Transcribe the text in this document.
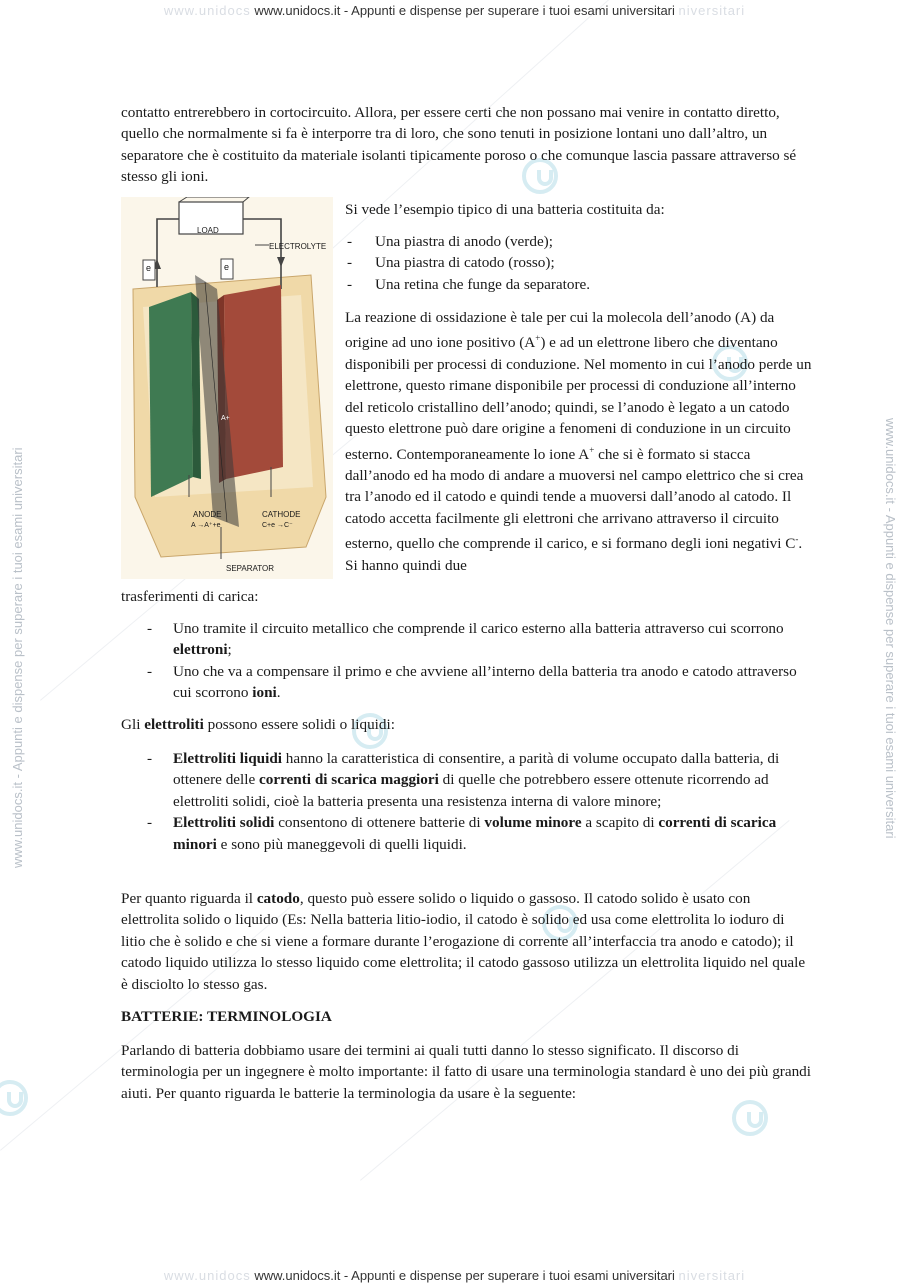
www.unidocs www.unidocs.it - Appunti e dispense per superare i tuoi esami universitari niversitari
www.unidocs.it - Appunti e dispense per superare i tuoi esami universitari	www.unidocs.it - Appunti e dispense per superare i tuoi esami universitari
contatto entrerebbero in cortocircuito. Allora, per essere certi che non possano mai venire in contatto diretto, quello che normalmente si fa è interporre tra di loro, che sono tenuti in posizione lontani uno dall’altro, un separatore che è costituito da materiale isolanti tipicamente poroso o che comunque lascia passare attraverso sé stesso gli ioni.
LOAD
ELECTROLYTE
e	e
A+
ANODE
A →A⁺+e
CATHODE
C+e →C⁻
SEPARATOR
Si vede l’esempio tipico di una batteria costituita da:
- Una piastra di anodo (verde);
- Una piastra di catodo (rosso);
- Una retina che funge da separatore.

La reazione di ossidazione è tale per cui la molecola dell’anodo (A) da origine ad uno ione positivo (A+) e ad un elettrone libero che diventano disponibili per processi di conduzione. Nel momento in cui l’anodo perde un elettrone, questo rimane disponibile per processi di conduzione all’interno del reticolo cristallino dell’anodo; quindi, se l’anodo è legato a un catodo questo elettrone può dare origine a fenomeni di conduzione in un circuito esterno. Contemporaneamente lo ione A+ che si è formato si stacca dall’anodo ed ha modo di andare a muoversi nel campo elettrico che si crea tra l’anodo ed il catodo e quindi tende a muoversi dall’anodo al catodo. Il catodo accetta facilmente gli elettroni che arrivano attraverso il circuito esterno, quello che comprende il carico, e si formano degli ioni negativi C-. Si hanno quindi due

trasferimenti di carica:
- Uno tramite il circuito metallico che comprende il carico esterno alla batteria attraverso cui scorrono elettroni;
- Uno che va a compensare il primo e che avviene all’interno della batteria tra anodo e catodo attraverso cui scorrono ioni.

Gli elettroliti possono essere solidi o liquidi:

- Elettroliti liquidi hanno la caratteristica di consentire, a parità di volume occupato dalla batteria, di ottenere delle correnti di scarica maggiori di quelle che potrebbero essere ottenute ricorrendo ad elettroliti solidi, cioè la batteria presenta una resistenza interna di valore minore;
- Elettroliti solidi consentono di ottenere batterie di volume minore a scapito di correnti di scarica minori e sono più maneggevoli di quelli liquidi.

Per quanto riguarda il catodo, questo può essere solido o liquido o gassoso. Il catodo solido è usato con elettrolita solido o liquido (Es: Nella batteria litio-iodio, il catodo è solido ed usa come elettrolita lo ioduro di litio che è solido e che si viene a formare durante l’erogazione di corrente all’interfaccia tra anodo e catodo); il catodo liquido utilizza lo stesso liquido come elettrolita; il catodo gassoso utilizza un elettrolita liquido nel quale è disciolto lo stesso gas.

BATTERIE: TERMINOLOGIA

Parlando di batteria dobbiamo usare dei termini ai quali tutti danno lo stesso significato. Il discorso di terminologia per un ingegnere è molto importante: il fatto di usare una terminologia standard è uno dei più grandi aiuti. Per quanto riguarda le batterie la terminologia da usare è la seguente:

www.unidocs www.unidocs.it - Appunti e dispense per superare i tuoi esami universitari niversitari
